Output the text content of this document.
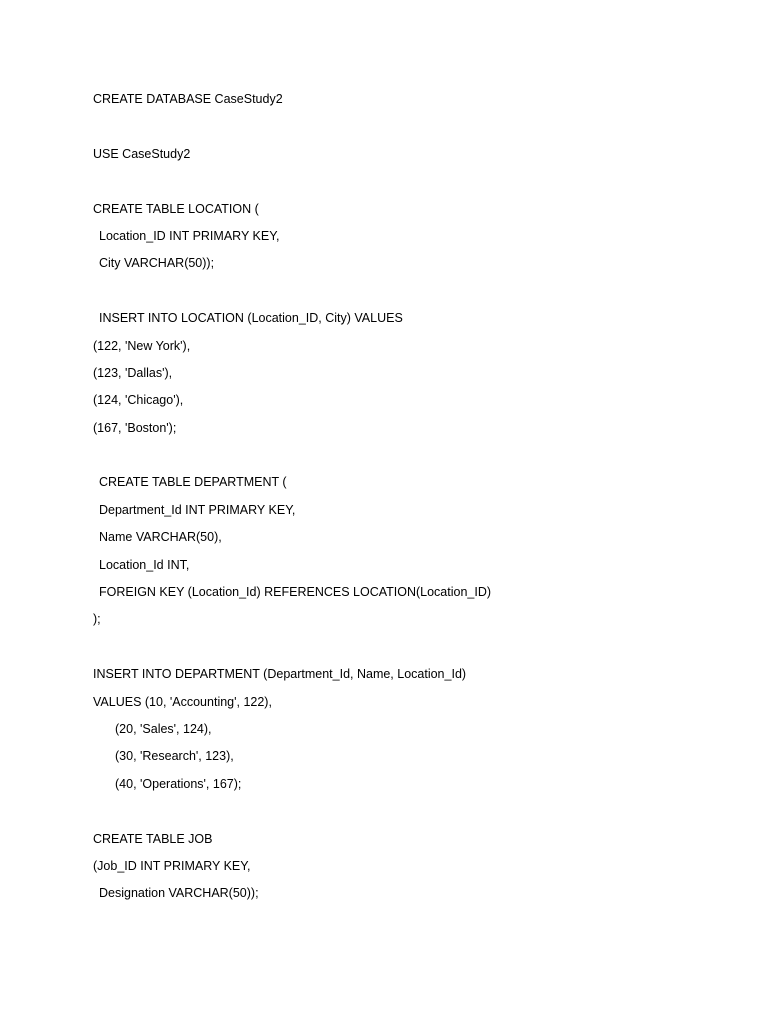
CREATE DATABASE CaseStudy2
USE CaseStudy2
CREATE TABLE LOCATION (
Location_ID INT PRIMARY KEY,
City VARCHAR(50));
INSERT INTO LOCATION (Location_ID, City) VALUES
(122, 'New York'),
(123, 'Dallas'),
(124, 'Chicago'),
(167, 'Boston');
CREATE TABLE DEPARTMENT (
Department_Id INT PRIMARY KEY,
Name VARCHAR(50),
Location_Id INT,
FOREIGN KEY (Location_Id) REFERENCES LOCATION(Location_ID)
);
INSERT INTO DEPARTMENT (Department_Id, Name, Location_Id)
VALUES (10, 'Accounting', 122),
(20, 'Sales', 124),
(30, 'Research', 123),
(40, 'Operations', 167);
CREATE TABLE JOB
(Job_ID INT PRIMARY KEY,
Designation VARCHAR(50));
